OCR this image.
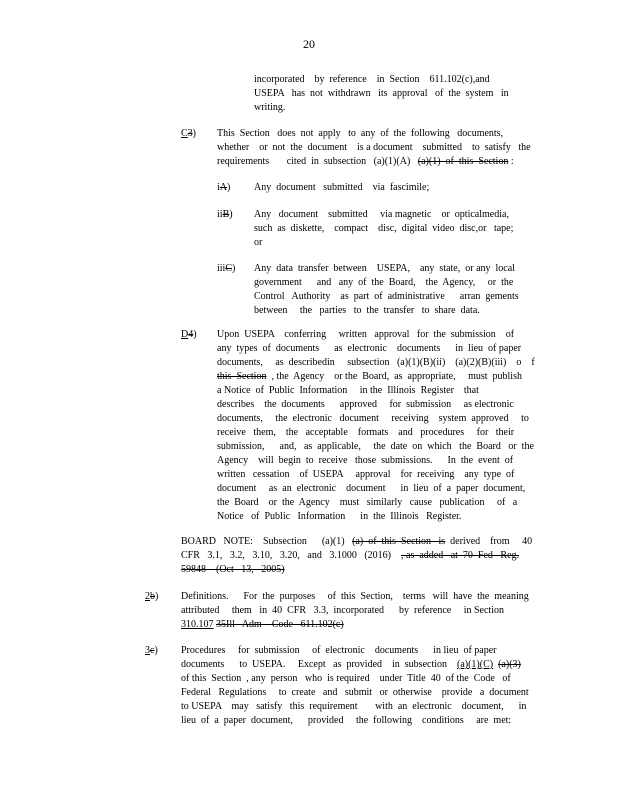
20
incorporated    by  reference    in  Section    611.102(c),and
USEPA   has  not  withdrawn   its  approval   of  the  system   in
writing.
C3) This  Section   does  not  apply   to  any  of  the  following   documents,
whether    or  not  the  document    is a document    submitted    to  satisfy   the
requirements       cited  in  subsection   (a)(1)(A)   (a)(1)  of  this  Section :
iA) Any  document   submitted    via  fascimile;
iiB) Any   document    submitted     via magnetic    or  opticalmedia,
such  as  diskette,    compact    disc,  digital  video  disc,or   tape;
or
iiiC) Any  data  transfer  between    USEPA,    any  state,  or any  local
government      and   any  of  the  Board,    the  Agency,     or  the
Control   Authority    as  part  of  administrative      arran  gements
between     the   parties   to  the  transfer   to  share  data.
D4) Upon  USEPA    conferring     written   approval   for  the  submission    of
any  types  of  documents      as  electronic    documents      in  lieu  of paper
documents,     as  describedin     subsection   (a)(1)(B)(ii)    (a)(2)(B)(iii)    o    f
this  Section  , the  Agency    or the  Board,  as  appropriate,     must  publish
a Notice  of  Public  Information     in the  Illinois  Register    that
describes    the  documents      approved     for  submission     as electronic
documents,     the  electronic   document     receiving    system  approved     to
receive   them,    the   acceptable    formats    and   procedures     for   their
submission,      and,   as  applicable,     the  date  on  which   the  Board   or  the
Agency    will  begin  to  receive   those  submissions.      In  the  event  of
written   cessation    of  USEPA     approval    for  receiving    any  type  of
document     as  an  electronic    document      in  lieu  of  a  paper  document,
the  Board    or  the  Agency    must   similarly   cause   publication     of   a
Notice   of  Public   Information      in  the  Illinois   Register.
BOARD   NOTE:    Subsection      (a)(1)   (a)  of  this  Section   is  derived    from     40
CFR   3.1,   3.2,   3.10,   3.20,   and   3.1000   (2016)    , as  added   at  70  Fed   Reg.
59848    (Oct   13,   2005)
2b) Definitions.      For  the  purposes     of  this  Section,    terms   will  have  the  meaning
attributed     them   in  40  CFR   3.3,  incorporated      by  reference     in Section
310.107 35Ill   Adm    Code   611.102(c)
3c) Procedures     for  submission     of  electronic    documents      in lieu  of paper
documents      to  USEPA.     Except   as  provided    in  subsection    (a)(1)(C) (a)(3)
of this  Section  , any  person   who  is required    under  Title  40  of the  Code   of
Federal   Regulations     to  create   and   submit   or  otherwise    provide   a  document
to USEPA    may   satisfy   this  requirement       with  an  electronic    document,      in
lieu  of  a  paper  document,      provided     the  following    conditions     are  met:
